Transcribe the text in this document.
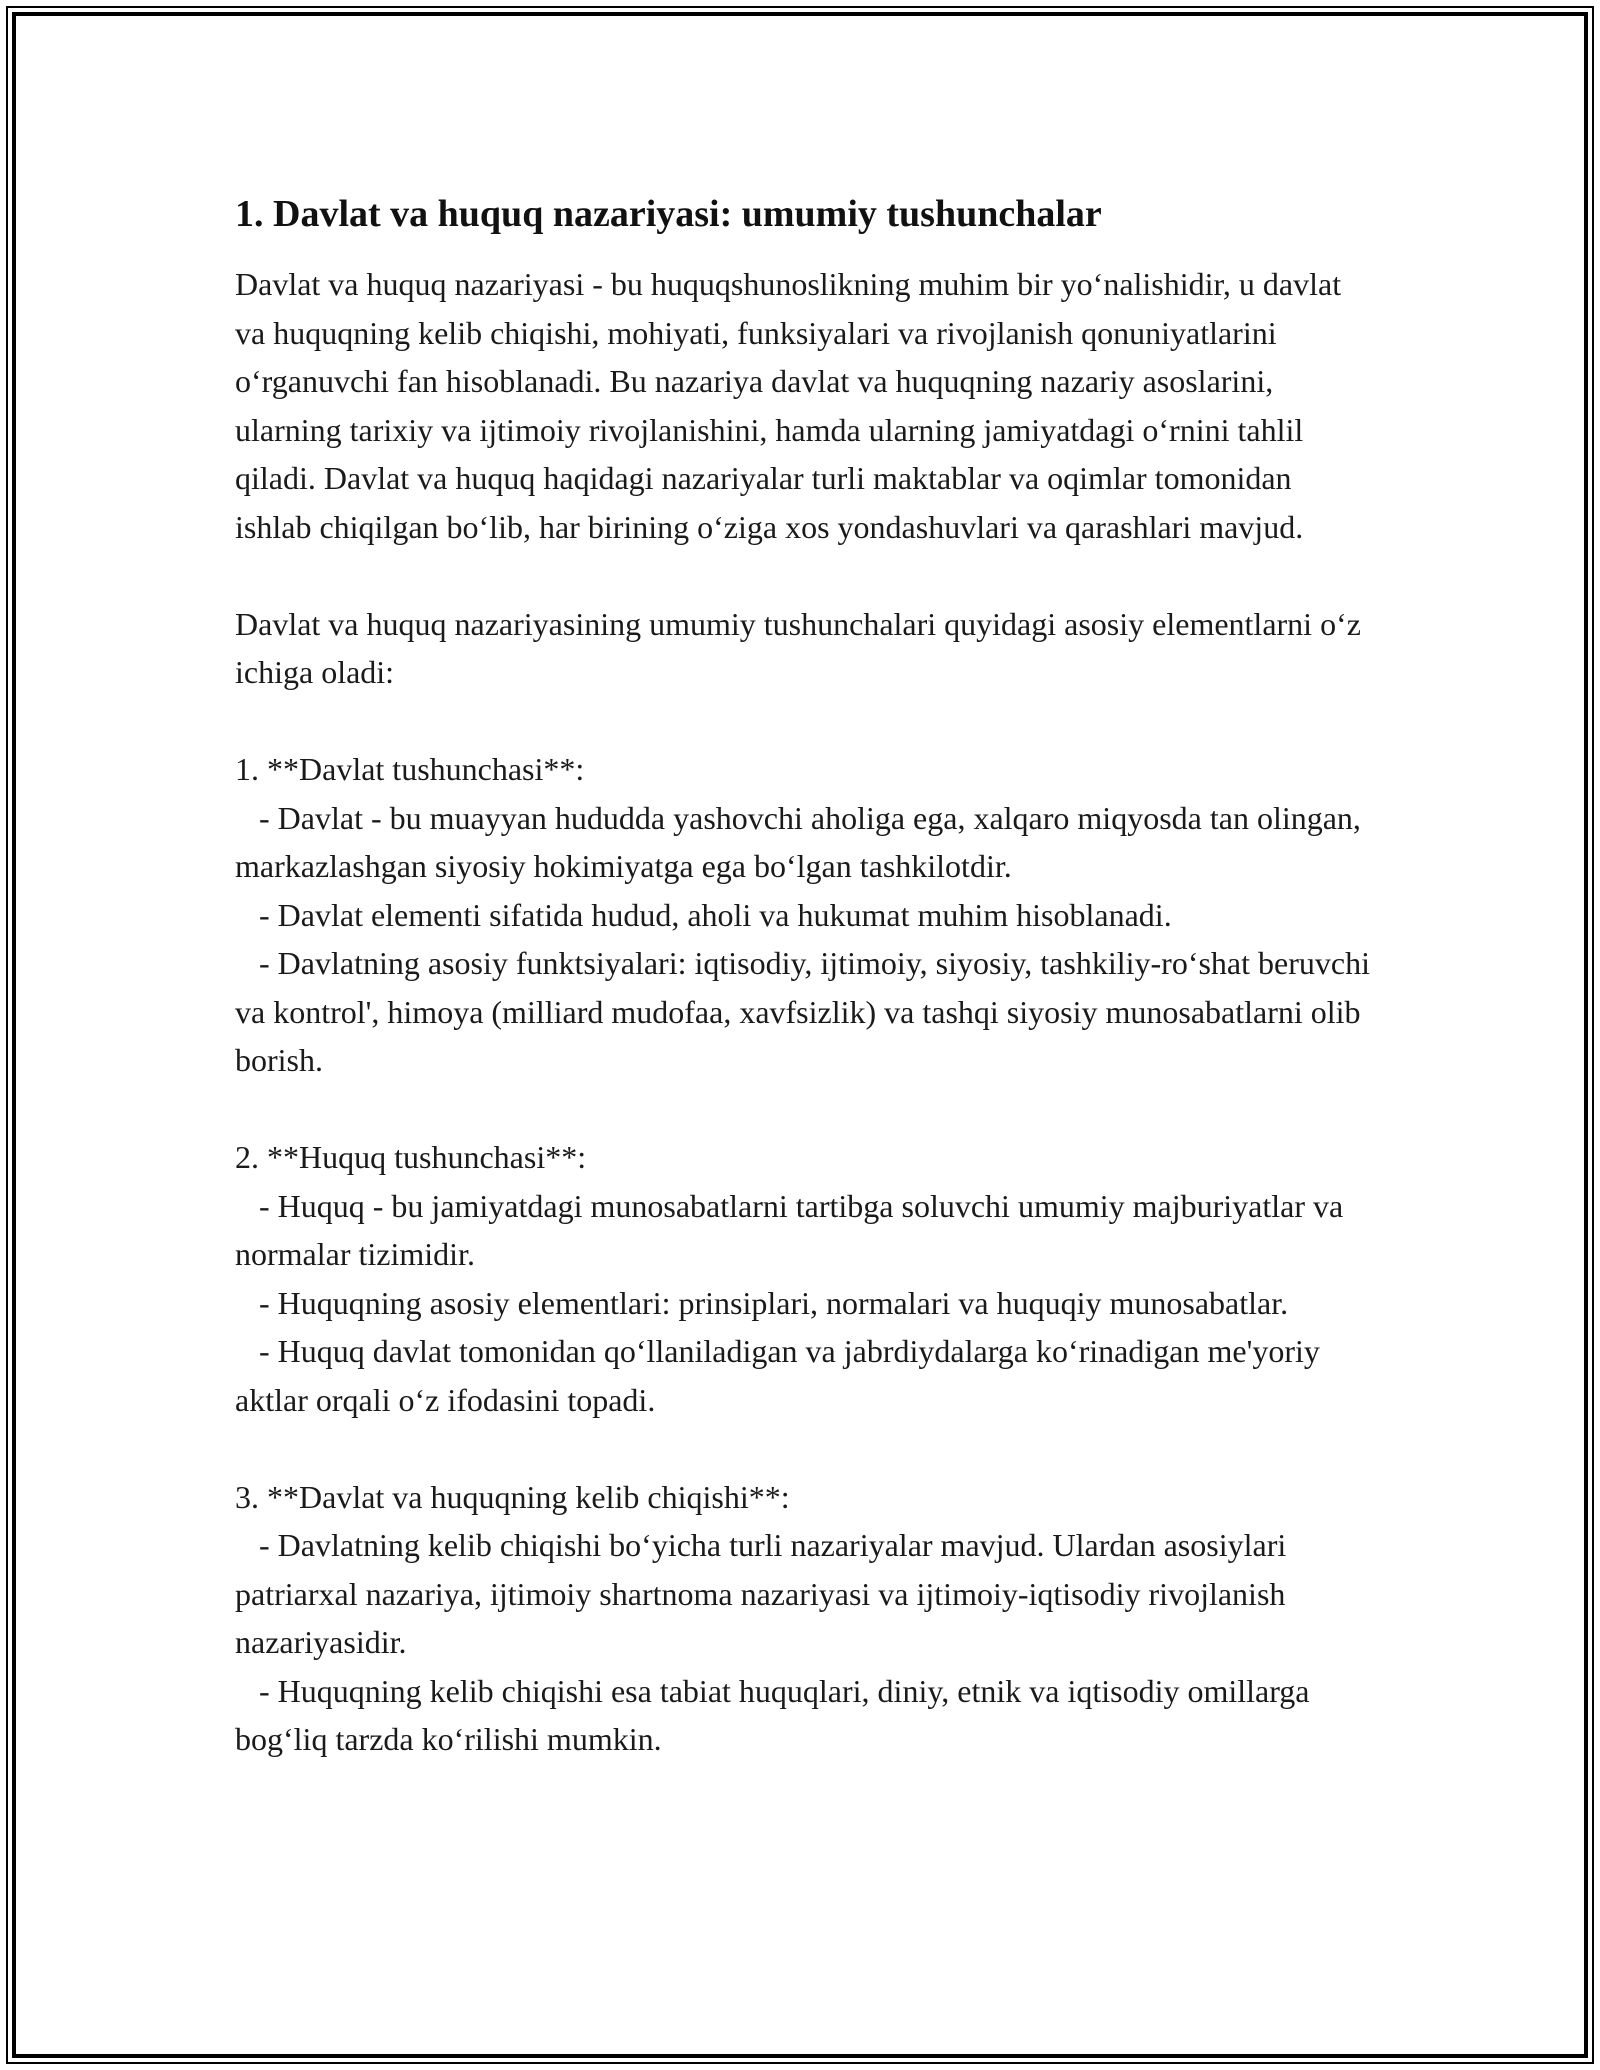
1. Davlat va huquq nazariyasi: umumiy tushunchalar

Davlat va huquq nazariyasi - bu huquqshunoslikning muhim bir yo‘nalishidir, u davlat va huquqning kelib chiqishi, mohiyati, funksiyalari va rivojlanish qonuniyatlarini o‘rganuvchi fan hisoblanadi. Bu nazariya davlat va huquqning nazariy asoslarini, ularning tarixiy va ijtimoiy rivojlanishini, hamda ularning jamiyatdagi o‘rnini tahlil qiladi. Davlat va huquq haqidagi nazariyalar turli maktablar va oqimlar tomonidan ishlab chiqilgan bo‘lib, har birining o‘ziga xos yondashuvlari va qarashlari mavjud.

Davlat va huquq nazariyasining umumiy tushunchalari quyidagi asosiy elementlarni o‘z ichiga oladi:

1. **Davlat tushunchasi**:
- Davlat - bu muayyan hududda yashovchi aholiga ega, xalqaro miqyosda tan olingan, markazlashgan siyosiy hokimiyatga ega bo‘lgan tashkilotdir.
- Davlat elementi sifatida hudud, aholi va hukumat muhim hisoblanadi.
- Davlatning asosiy funktsiyalari: iqtisodiy, ijtimoiy, siyosiy, tashkiliy-ro‘shat beruvchi va kontrol', himoya (milliard mudofaa, xavfsizlik) va tashqi siyosiy munosabatlarni olib borish.

2. **Huquq tushunchasi**:
- Huquq - bu jamiyatdagi munosabatlarni tartibga soluvchi umumiy majburiyatlar va normalar tizimidir.
- Huquqning asosiy elementlari: prinsiplari, normalari va huquqiy munosabatlar.
- Huquq davlat tomonidan qo‘llaniladigan va jabrdiydalarga ko‘rinadigan me'yoriy aktlar orqali o‘z ifodasini topadi.

3. **Davlat va huquqning kelib chiqishi**:
- Davlatning kelib chiqishi bo‘yicha turli nazariyalar mavjud. Ulardan asosiylari patriarxal nazariya, ijtimoiy shartnoma nazariyasi va ijtimoiy-iqtisodiy rivojlanish nazariyasidir.
- Huquqning kelib chiqishi esa tabiat huquqlari, diniy, etnik va iqtisodiy omillarga bog‘liq tarzda ko‘rilishi mumkin.
